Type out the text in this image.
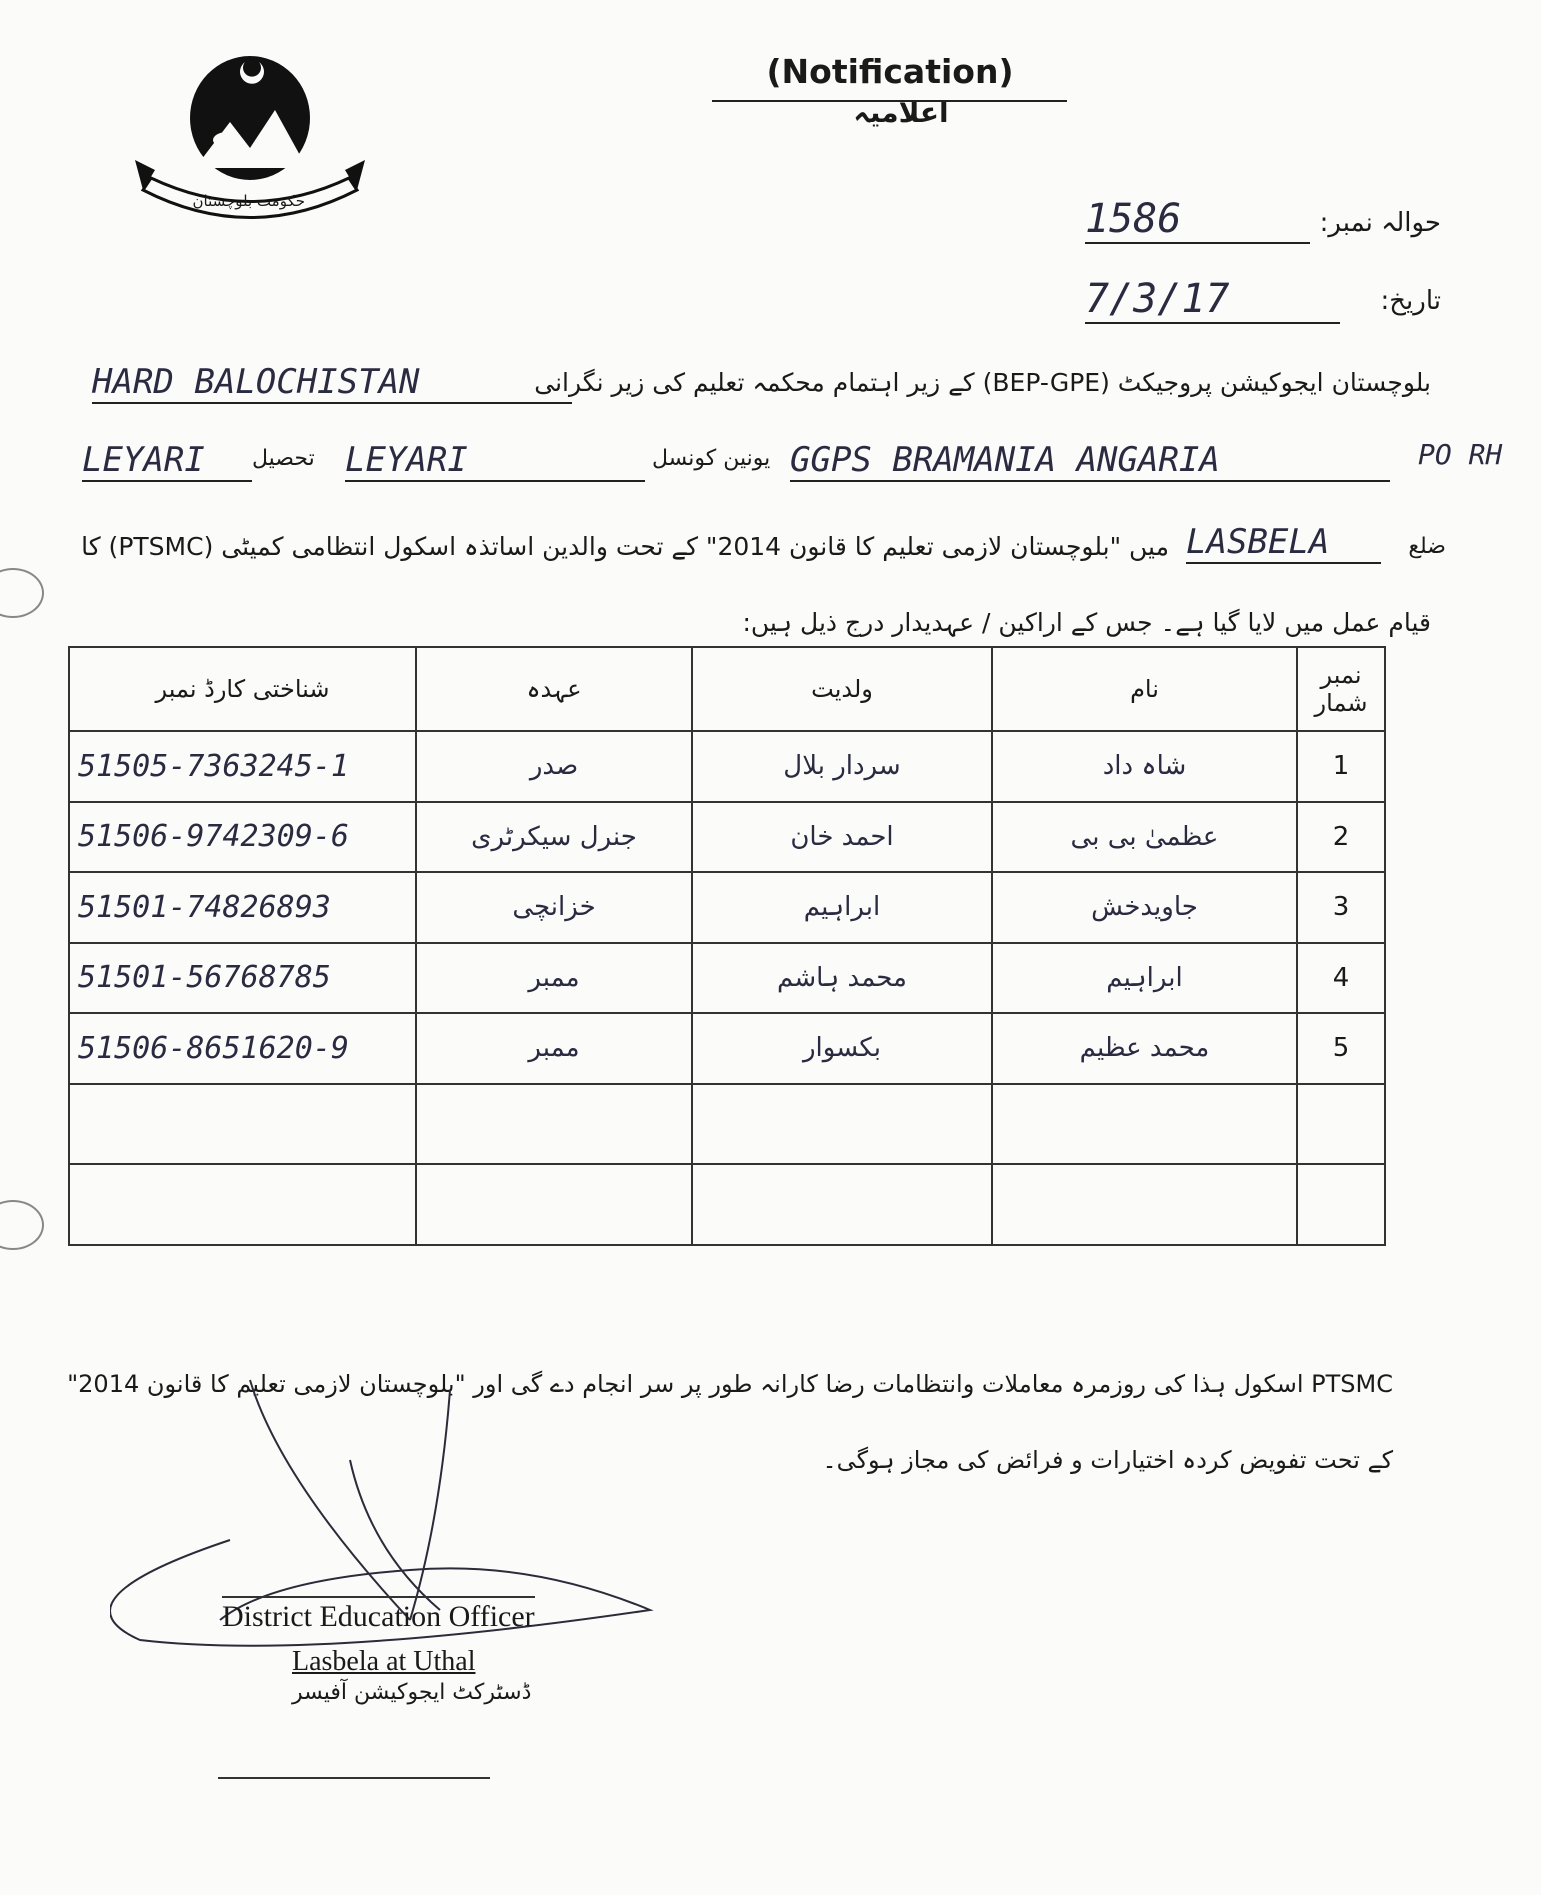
حکومت بلوچستان
(Notification) اعلامیہ
حوالہ نمبر:
1586
تاریخ:
7/3/17
HARD BALOCHISTAN	بلوچستان ایجوکیشن پروجیکٹ (BEP-GPE) کے زیر اہتمام محکمہ تعلیم کی زیر نگرانی
LEYARI	تحصیل LEYARI	یونین کونسل GGPS BRAMANIA ANGARIA	PO RH
ضلع
LASBELA
میں "بلوچستان لازمی تعلیم کا قانون 2014" کے تحت والدین اساتذہ اسکول انتظامی کمیٹی (PTSMC) کا
قیام عمل میں لایا گیا ہے۔ جس کے اراکین / عہدیدار درج ذیل ہیں:
نمبر شمار	نام	ولدیت	عہدہ	شناختی کارڈ نمبر
1	شاہ داد	سردار بلال	صدر	51505-7363245-1
2	عظمیٰ بی بی	احمد خان	جنرل سیکرٹری	51506-9742309-6
3	جاویدخش	ابراہیم	خزانچی	51501-74826893
4	ابراہیم	محمد ہاشم	ممبر	51501-56768785
5	محمد عظیم	بکسوار	ممبر	51506-8651620-9

PTSMC اسکول ہذا کی روزمرہ معاملات وانتظامات رضا کارانہ طور پر سر انجام دے گی اور "بلوچستان لازمی تعلیم کا قانون 2014"
کے تحت تفویض کردہ اختیارات و فرائض کی مجاز ہوگی۔
District Education Officer
Lasbela at Uthal
ڈسٹرکٹ ایجوکیشن آفیسر
